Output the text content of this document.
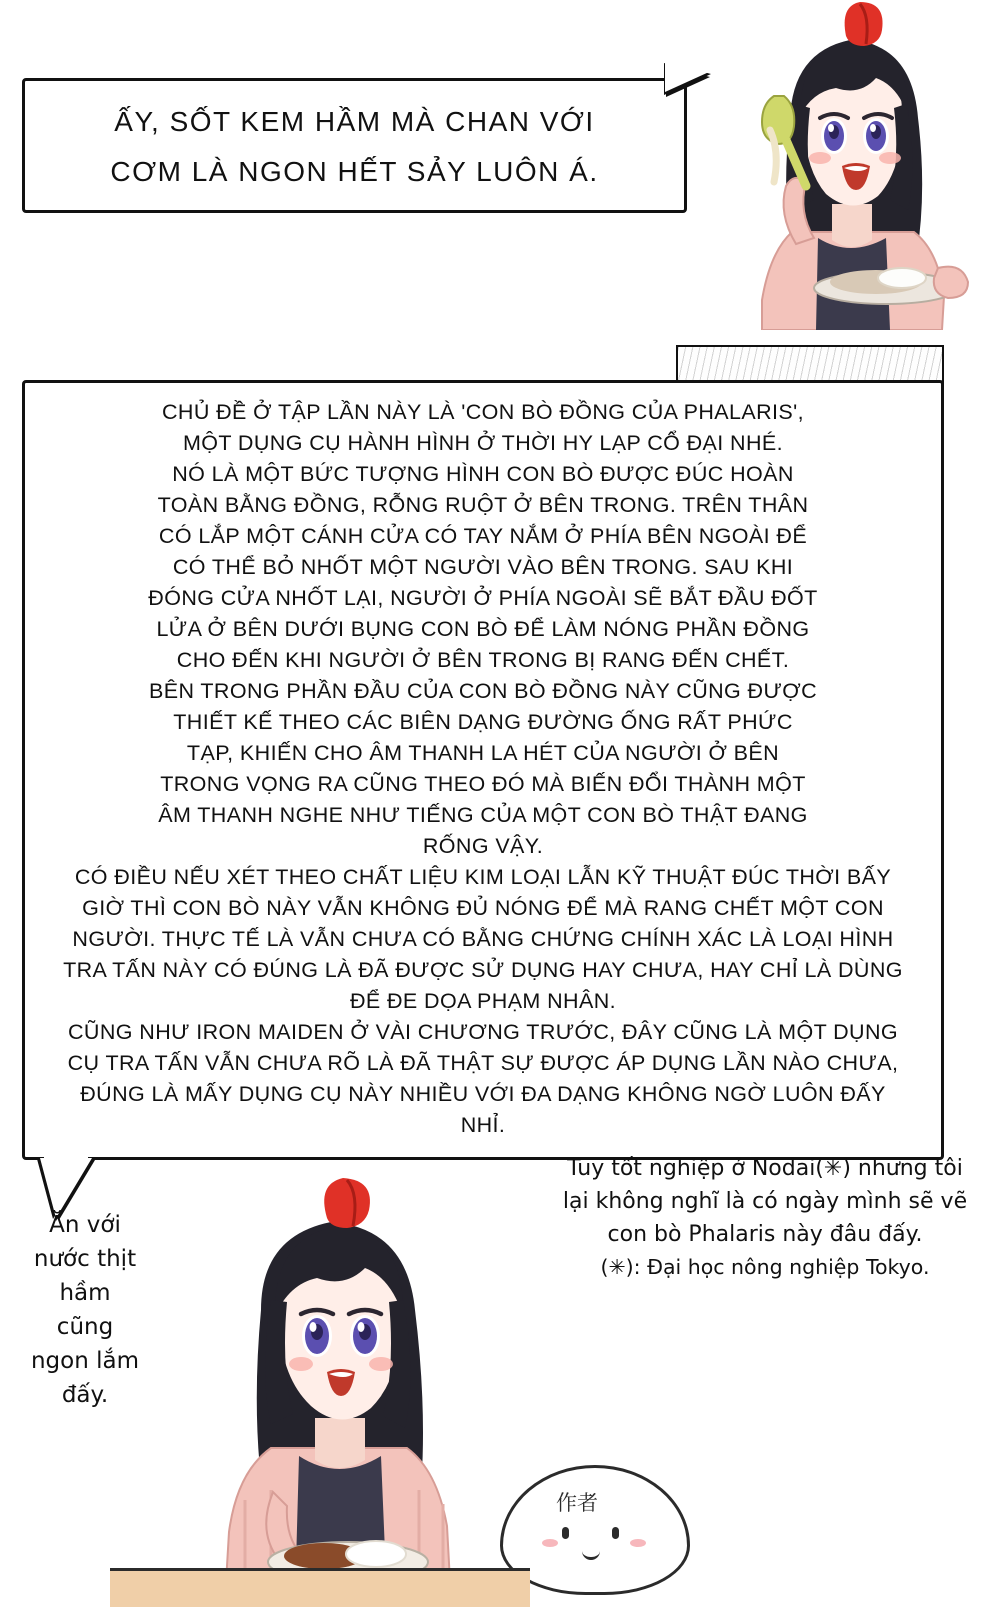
ẤY, SỐT KEM HẦM MÀ CHAN VỚI
CƠM LÀ NGON HẾT SẢY LUÔN Á.
CHỦ ĐỀ Ở TẬP LẦN NÀY LÀ 'CON BÒ ĐỒNG CỦA PHALARIS',
MỘT DỤNG CỤ HÀNH HÌNH Ở THỜI HY LẠP CỔ ĐẠI NHÉ.
NÓ LÀ MỘT BỨC TƯỢNG HÌNH CON BÒ ĐƯỢC ĐÚC HOÀN
TOÀN BẰNG ĐỒNG, RỖNG RUỘT Ở BÊN TRONG. TRÊN THÂN
CÓ LẮP MỘT CÁNH CỬA CÓ TAY NẮM Ở PHÍA BÊN NGOÀI ĐỂ
CÓ THỂ BỎ NHỐT MỘT NGƯỜI VÀO BÊN TRONG. SAU KHI
ĐÓNG CỬA NHỐT LẠI, NGƯỜI Ở PHÍA NGOÀI SẼ BẮT ĐẦU ĐỐT
LỬA Ở BÊN DƯỚI BỤNG CON BÒ ĐỂ LÀM NÓNG PHẦN ĐỒNG
CHO ĐẾN KHI NGƯỜI Ở BÊN TRONG BỊ RANG ĐẾN CHẾT.
BÊN TRONG PHẦN ĐẦU CỦA CON BÒ ĐỒNG NÀY CŨNG ĐƯỢC
THIẾT KẾ THEO CÁC BIÊN DẠNG ĐƯỜNG ỐNG RẤT PHỨC
TẠP, KHIẾN CHO ÂM THANH LA HÉT CỦA NGƯỜI Ở BÊN
TRONG VỌNG RA CŨNG THEO ĐÓ MÀ BIẾN ĐỔI THÀNH MỘT
ÂM THANH NGHE NHƯ TIẾNG CỦA MỘT CON BÒ THẬT ĐANG
RỐNG VẬY.
CÓ ĐIỀU NẾU XÉT THEO CHẤT LIỆU KIM LOẠI LẪN KỸ THUẬT ĐÚC THỜI BẤY
GIỜ THÌ CON BÒ NÀY VẪN KHÔNG ĐỦ NÓNG ĐỂ MÀ RANG CHẾT MỘT CON
NGƯỜI. THỰC TẾ LÀ VẪN CHƯA CÓ BẰNG CHỨNG CHÍNH XÁC LÀ LOẠI HÌNH
TRA TẤN NÀY CÓ ĐÚNG LÀ ĐÃ ĐƯỢC SỬ DỤNG HAY CHƯA, HAY CHỈ LÀ DÙNG
ĐỂ ĐE DỌA PHẠM NHÂN.
CŨNG NHƯ IRON MAIDEN Ở VÀI CHƯƠNG TRƯỚC, ĐÂY CŨNG LÀ MỘT DỤNG
CỤ TRA TẤN VẪN CHƯA RÕ LÀ ĐÃ THẬT SỰ ĐƯỢC ÁP DỤNG LẦN NÀO CHƯA,
ĐÚNG LÀ MẤY DỤNG CỤ NÀY NHIỀU VỚI ĐA DẠNG KHÔNG NGỜ LUÔN ĐẤY
NHỈ.
Ăn với nước thịt hầm cũng ngon lắm đấy.
Tuy tốt nghiệp ở Nodai(✳) nhưng tôi lại không nghĩ là có ngày mình sẽ vẽ con bò Phalaris này đâu đấy.
(✳): Đại học nông nghiệp Tokyo.
作者
